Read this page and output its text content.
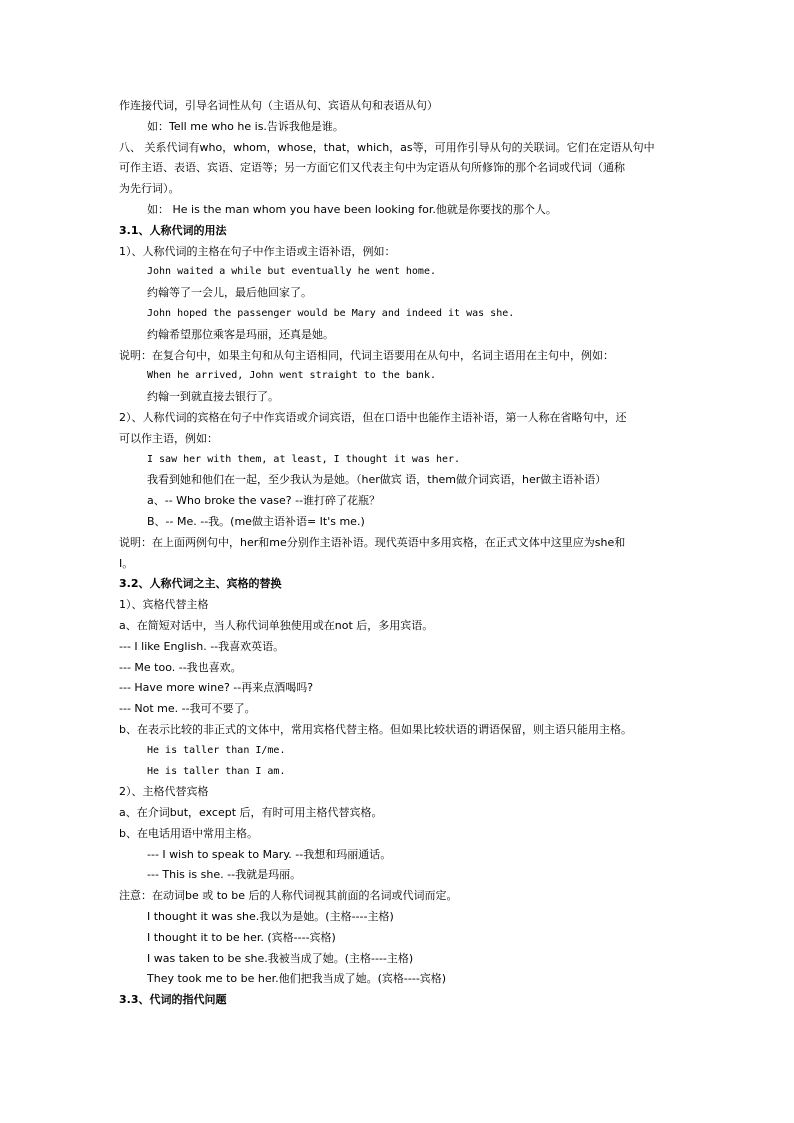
作连接代词，引导名词性从句（主语从句、宾语从句和表语从句）
如：Tell me who he is.告诉我他是谁。
八、 关系代词有who，whom，whose，that，which，as等，可用作引导从句的关联词。它们在定语从句中
可作主语、表语、宾语、定语等；另一方面它们又代表主句中为定语从句所修饰的那个名词或代词（通称
为先行词）。
如： He is the man whom you have been looking for.他就是你要找的那个人。
3.1、人称代词的用法
1）、人称代词的主格在句子中作主语或主语补语，例如：
John waited a while but eventually he went home.
约翰等了一会儿，最后他回家了。
John hoped the passenger would be Mary and indeed it was she.
约翰希望那位乘客是玛丽，还真是她。
说明：在复合句中，如果主句和从句主语相同，代词主语要用在从句中，名词主语用在主句中，例如：
When he arrived, John went straight to the bank.
约翰一到就直接去银行了。
2）、人称代词的宾格在句子中作宾语或介词宾语，但在口语中也能作主语补语，第一人称在省略句中，还
可以作主语，例如：
I saw her with them, at least, I thought it was her.
我看到她和他们在一起，至少我认为是她。（her做宾 语，them做介词宾语，her做主语补语）
a、-- Who broke the vase? --谁打碎了花瓶？
B、-- Me. --我。(me做主语补语= It's me.)
说明：在上面两例句中，her和me分别作主语补语。现代英语中多用宾格，在正式文体中这里应为she和
I。
3.2、人称代词之主、宾格的替换
1）、宾格代替主格
a、在简短对话中，当人称代词单独使用或在not 后，多用宾语。
--- I like English. --我喜欢英语。
--- Me too. --我也喜欢。
--- Have more wine? --再来点酒喝吗?
--- Not me. --我可不要了。
b、在表示比较的非正式的文体中，常用宾格代替主格。但如果比较状语的谓语保留，则主语只能用主格。
He is taller than I/me.
He is taller than I am.
2）、主格代替宾格
a、在介词but，except 后，有时可用主格代替宾格。
b、在电话用语中常用主格。
--- I wish to speak to Mary. --我想和玛丽通话。
--- This is she. --我就是玛丽。
注意：在动词be 或 to be 后的人称代词视其前面的名词或代词而定。
I thought it was she.我以为是她。(主格----主格)
I thought it to be her. (宾格----宾格)
I was taken to be she.我被当成了她。(主格----主格)
They took me to be her.他们把我当成了她。(宾格----宾格)
3.3、代词的指代问题
